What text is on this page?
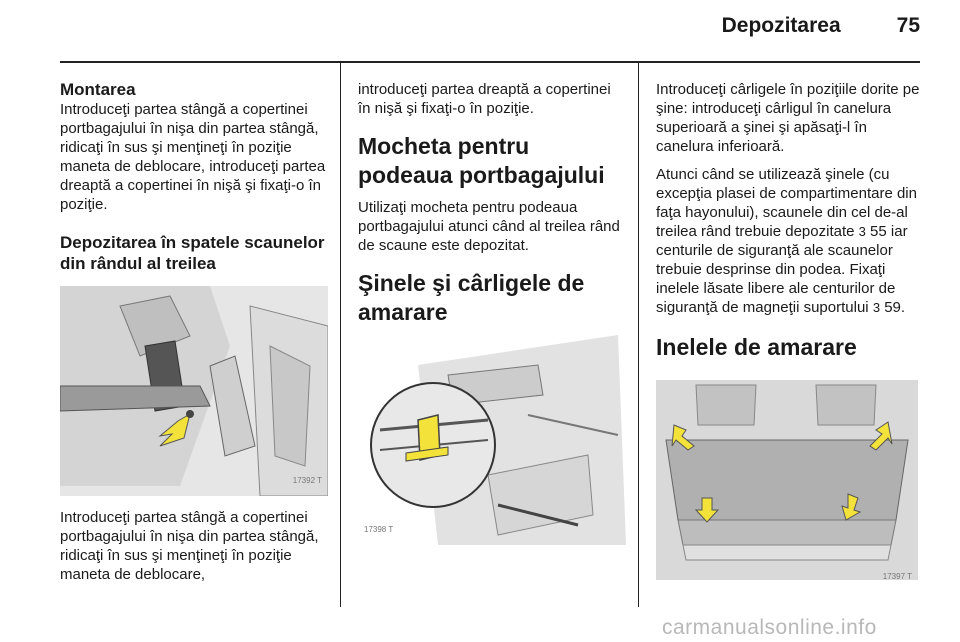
Depozitarea	75
Montarea

Introduceţi partea stângă a copertinei portbagajului în nişa din partea stângă, ridicaţi în sus şi menţineţi în poziţie maneta de deblocare, introduceţi partea dreaptă a copertinei în nişă şi fixaţi-o în poziţie.

Depozitarea în spatele scaunelor din rândul al treilea
17392 T

Introduceţi partea stângă a copertinei portbagajului în nişa din partea stângă, ridicaţi în sus şi menţineţi în poziţie maneta de deblocare,

introduceţi partea dreaptă a copertinei în nişă şi fixaţi-o în poziţie.

Mocheta pentru podeaua portbagajului

Utilizaţi mocheta pentru podeaua portbagajului atunci când al treilea rând de scaune este depozitat.

Şinele şi cârligele de amarare
17398 T

Introduceţi cârligele în poziţiile dorite pe şine: introduceţi cârligul în canelura superioară a şinei şi apăsaţi-l în canelura inferioară.

Atunci când se utilizează şinele (cu excepţia plasei de compartimentare din faţa hayonului), scaunele din cel de-al treilea rând trebuie depozitate 3 55 iar centurile de siguranţă ale scaunelor trebuie desprinse din podea. Fixaţi inelele lăsate libere ale centurilor de siguranţă de magneţii suportului 3 59.

Inelele de amarare
17397 T
carmanualsonline.info
